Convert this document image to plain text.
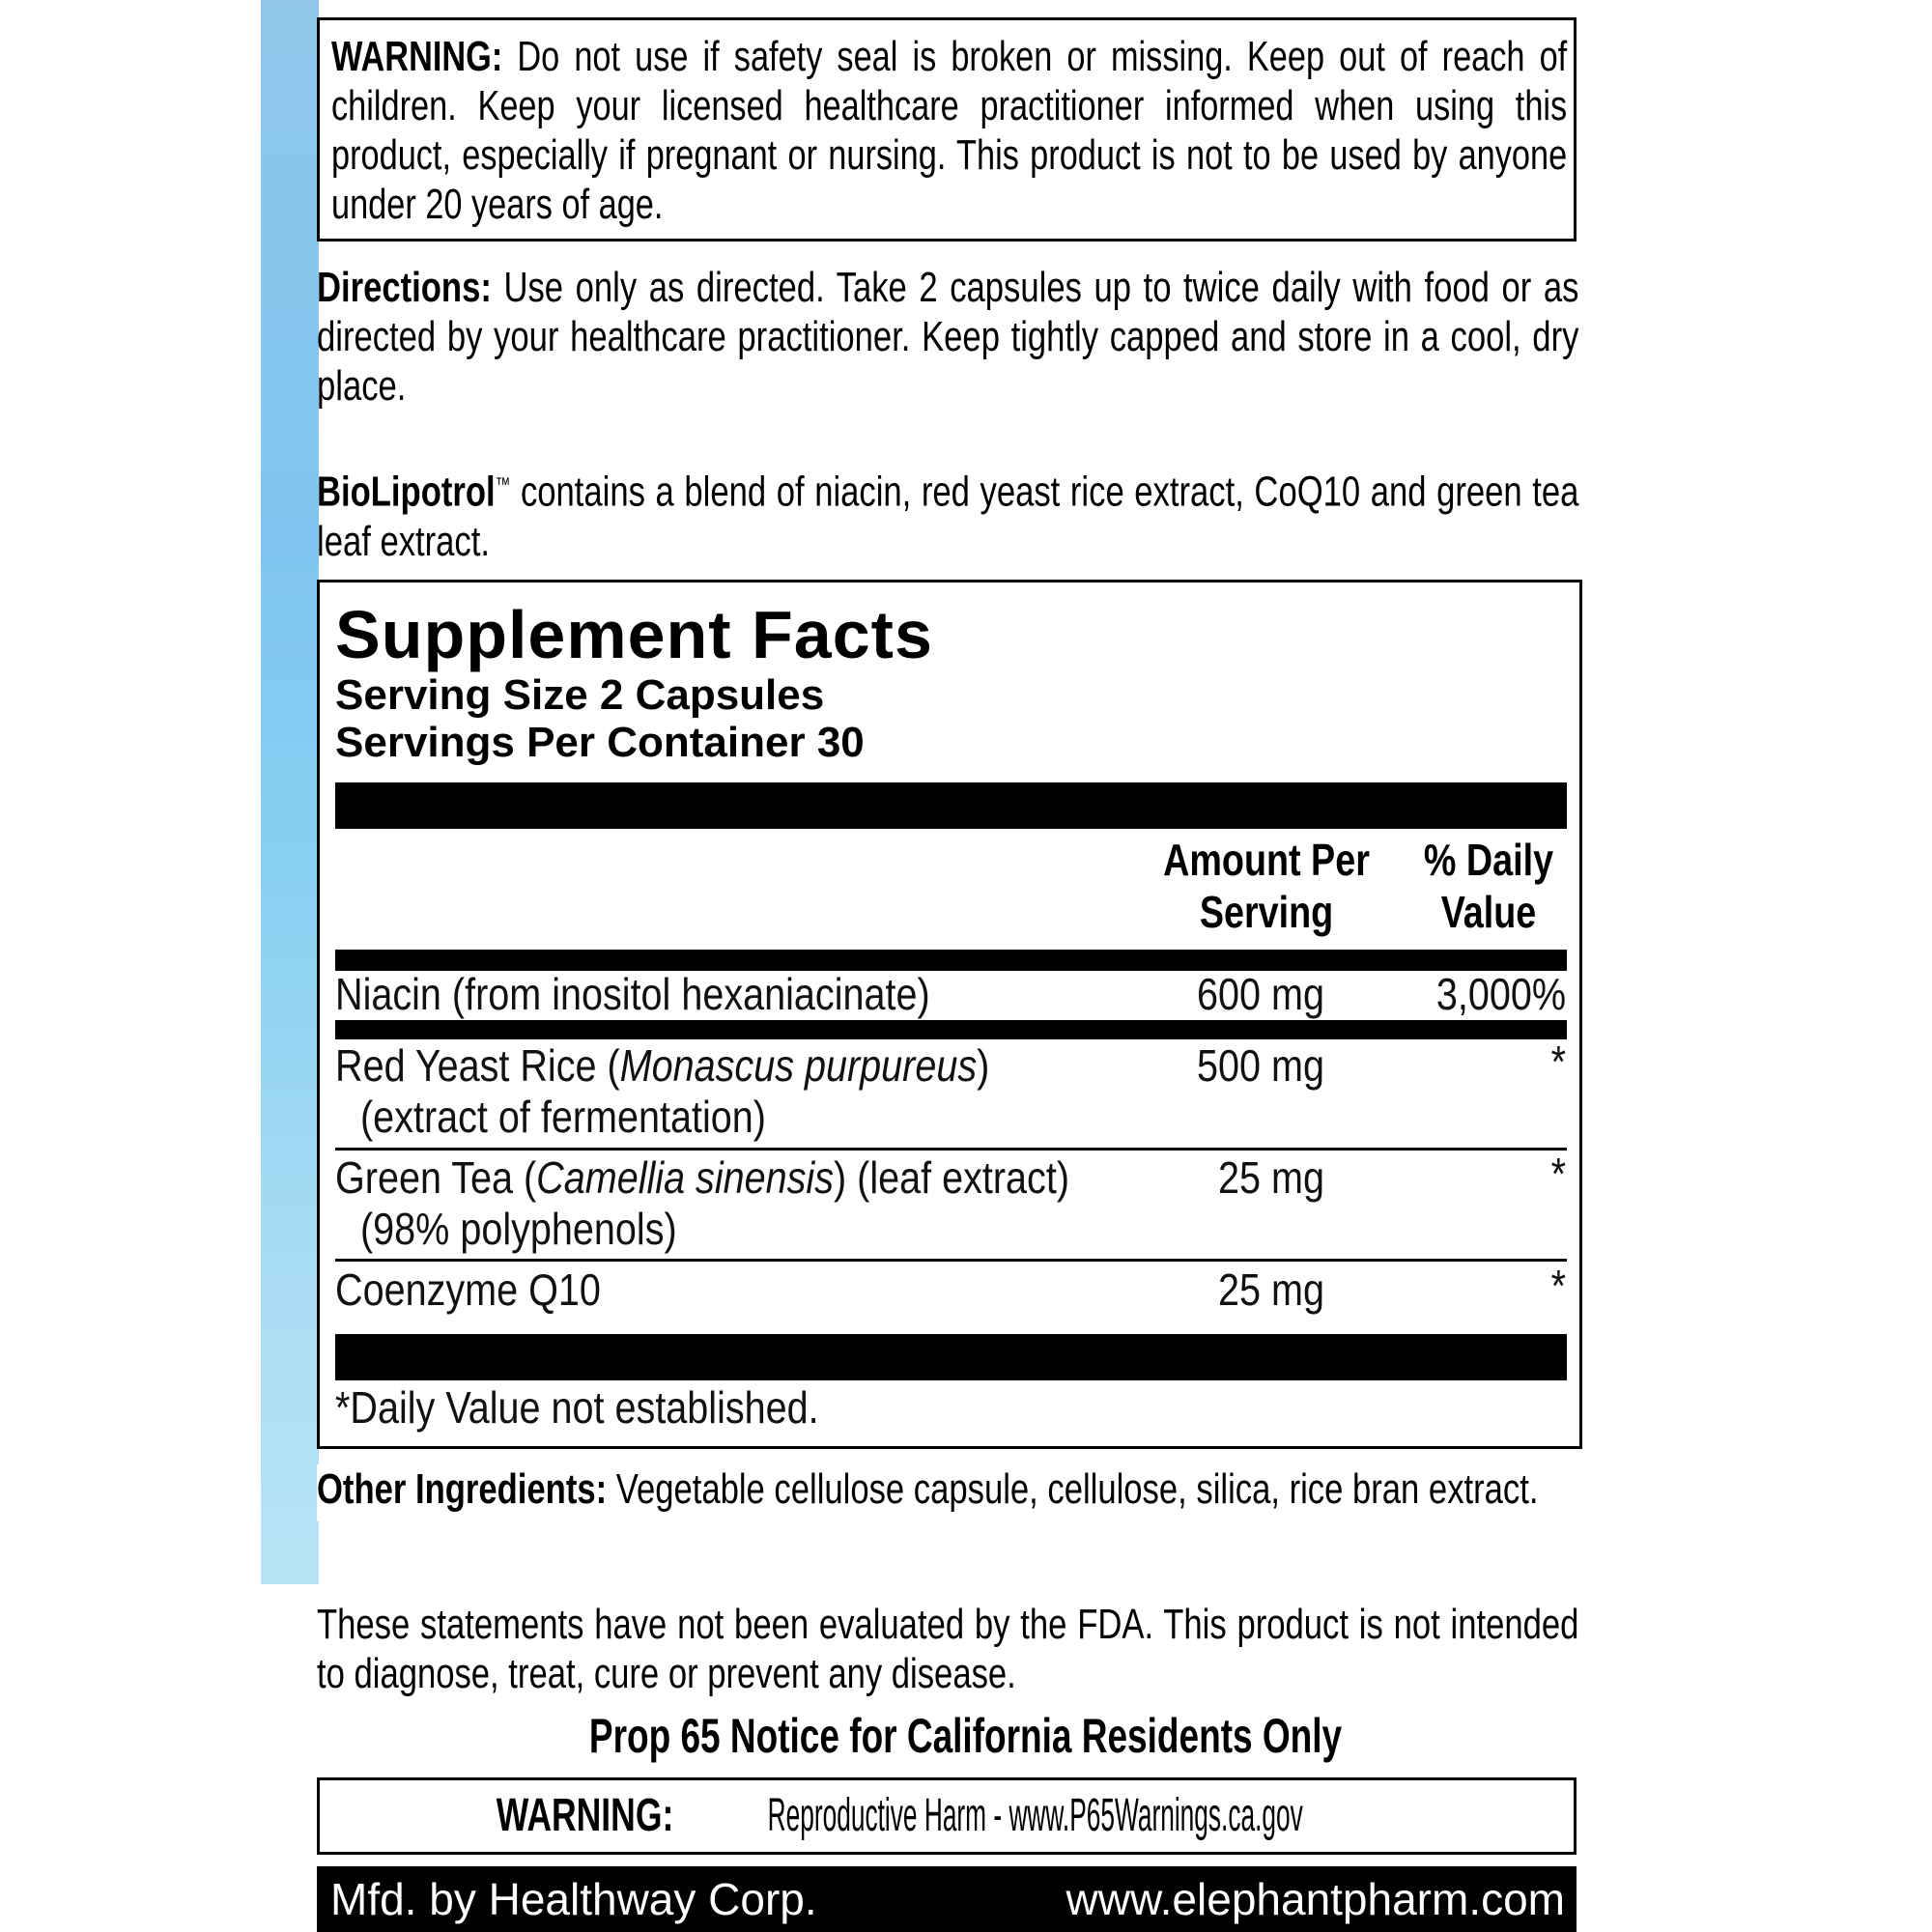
WARNING: Do not use if safety seal is broken or missing. Keep out of reach of children. Keep your licensed healthcare practitioner informed when using this product, especially if pregnant or nursing. This product is not to be used by anyone under 20 years of age.
Directions: Use only as directed. Take 2 capsules up to twice daily with food or as directed by your healthcare practitioner. Keep tightly capped and store in a cool, dry place.
BioLipotrol™ contains a blend of niacin, red yeast rice extract, CoQ10 and green tea leaf extract.
Supplement Facts
Serving Size 2 Capsules
Servings Per Container 30
Amount Per
Serving
% Daily
Value
Niacin (from inositol hexaniacinate)	600 mg	3,000%
Red Yeast Rice (Monascus purpureus)
(extract of fermentation)
500 mg	*
Green Tea (Camellia sinensis) (leaf extract)
(98% polyphenols)
25 mg	*
Coenzyme Q10	25 mg	*
*Daily Value not established.
Other Ingredients: Vegetable cellulose capsule, cellulose, silica, rice bran extract.
These statements have not been evaluated by the FDA. This product is not intended to diagnose, treat, cure or prevent any disease.
Prop 65 Notice for California Residents Only
WARNING:Reproductive Harm - www.P65Warnings.ca.gov
Mfd. by Healthway Corp.	www.elephantpharm.com
